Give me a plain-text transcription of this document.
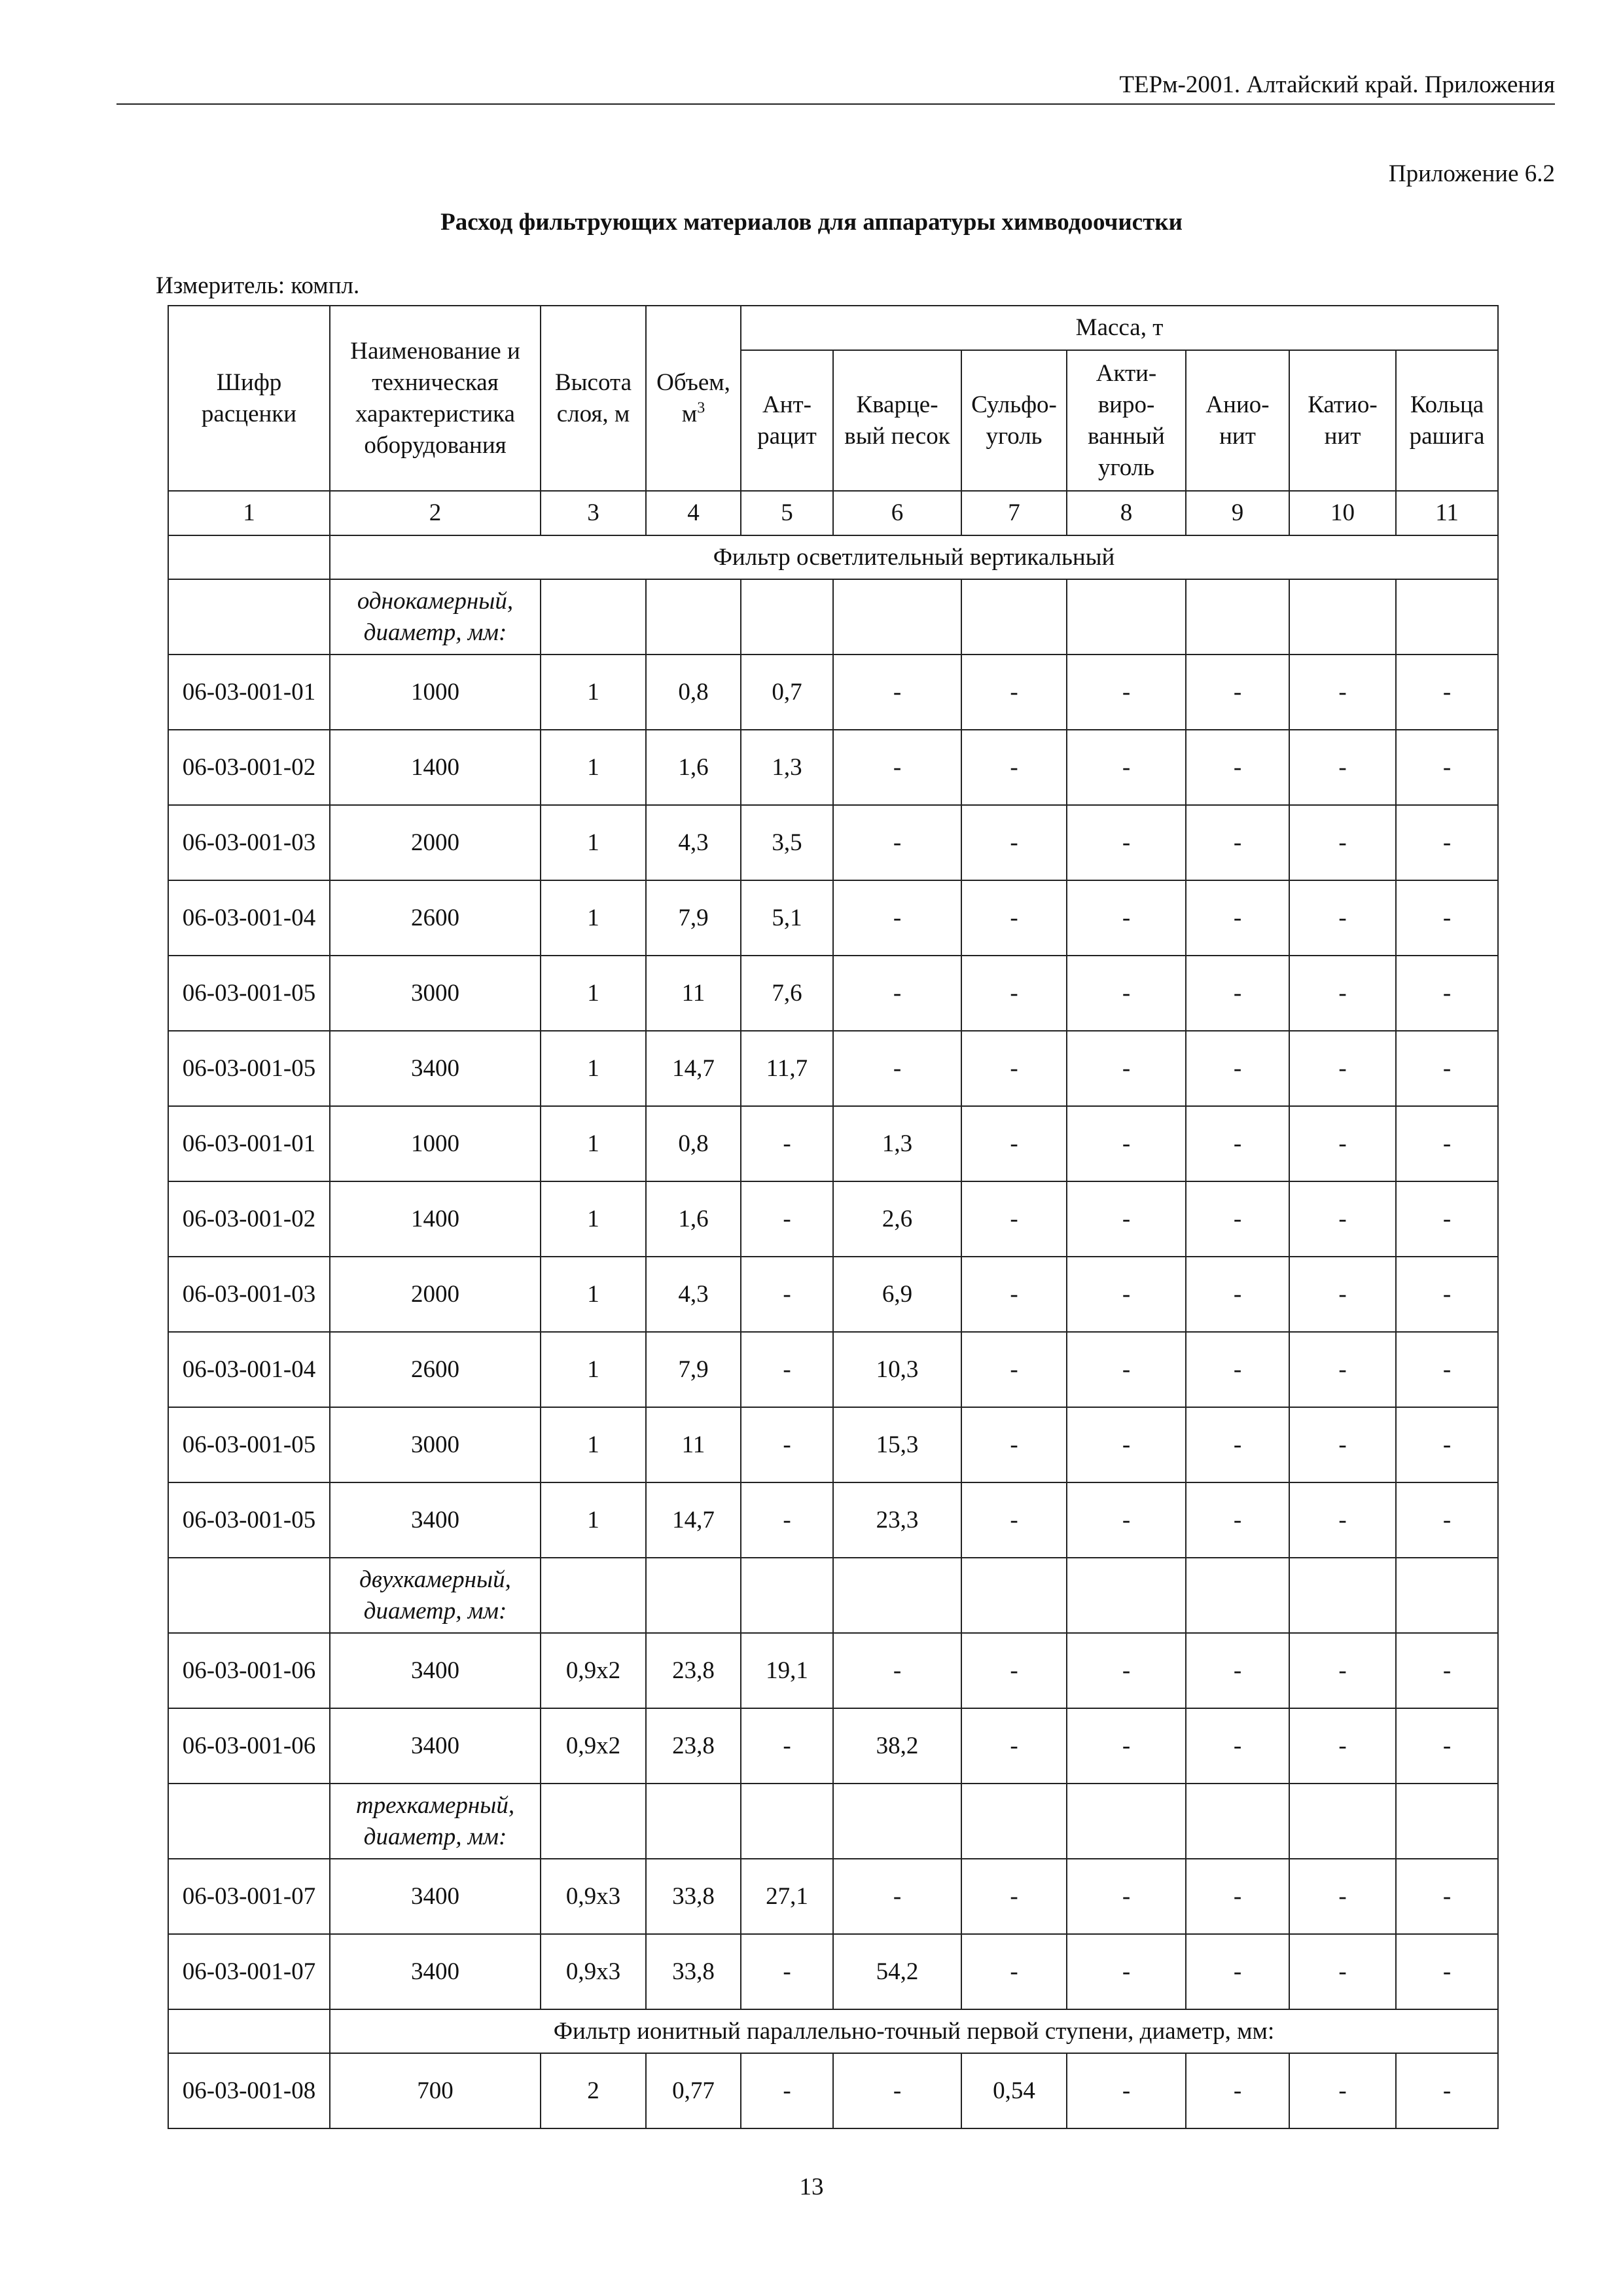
ТЕРм-2001. Алтайский край. Приложения
Приложение 6.2
Расход фильтрующих материалов для аппаратуры химводоочистки
Измеритель: компл.
Шифр расценки	Наименование и техническая характеристика оборудования	Высота слоя, м	Объем, $м^3$	Масса, т						
				Ант-рацит	Кварце-вый песок	Сульфо-уголь	Акти-виро-ванный уголь	Анио-нит	Катио-нит	Кольца рашига
1	2	3	4	5	6	7	8	9	10	11
	Фильтр осветлительный вертикальный									
	однокамерный, диаметр, мм:									
06-03-001-01	1000	1	0,8	0,7	-	-	-	-	-	-
06-03-001-02	1400	1	1,6	1,3	-	-	-	-	-	-
06-03-001-03	2000	1	4,3	3,5	-	-	-	-	-	-
06-03-001-04	2600	1	7,9	5,1	-	-	-	-	-	-
06-03-001-05	3000	1	11	7,6	-	-	-	-	-	-
06-03-001-05	3400	1	14,7	11,7	-	-	-	-	-	-
06-03-001-01	1000	1	0,8	-	1,3	-	-	-	-	-
06-03-001-02	1400	1	1,6	-	2,6	-	-	-	-	-
06-03-001-03	2000	1	4,3	-	6,9	-	-	-	-	-
06-03-001-04	2600	1	7,9	-	10,3	-	-	-	-	-
06-03-001-05	3000	1	11	-	15,3	-	-	-	-	-
06-03-001-05	3400	1	14,7	-	23,3	-	-	-	-	-
	двухкамерный, диаметр, мм:									
06-03-001-06	3400	0,9х2	23,8	19,1	-	-	-	-	-	-
06-03-001-06	3400	0,9х2	23,8	-	38,2	-	-	-	-	-
	трехкамерный, диаметр, мм:									
06-03-001-07	3400	0,9х3	33,8	27,1	-	-	-	-	-	-
06-03-001-07	3400	0,9х3	33,8	-	54,2	-	-	-	-	-
	Фильтр ионитный параллельно-точный первой ступени, диаметр, мм:									
06-03-001-08	700	2	0,77	-	-	0,54	-	-	-	-
13
